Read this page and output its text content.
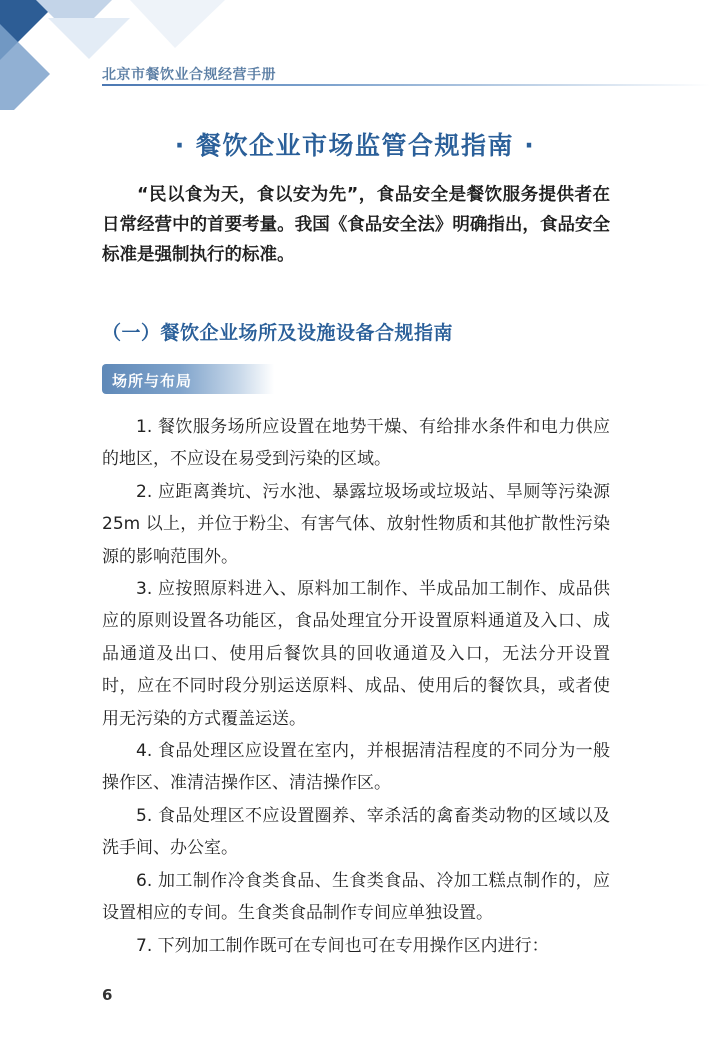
北京市餐饮业合规经营手册
· 餐饮企业市场监管合规指南 ·

“民以食为天，食以安为先”，食品安全是餐饮服务提供者在日常经营中的首要考量。我国《食品安全法》明确指出，食品安全标准是强制执行的标准。

（一）餐饮企业场所及设施设备合规指南
场所与布局

1. 餐饮服务场所应设置在地势干燥、有给排水条件和电力供应的地区，不应设在易受到污染的区域。

2. 应距离粪坑、污水池、暴露垃圾场或垃圾站、旱厕等污染源 25m 以上，并位于粉尘、有害气体、放射性物质和其他扩散性污染源的影响范围外。

3. 应按照原料进入、原料加工制作、半成品加工制作、成品供应的原则设置各功能区，食品处理宜分开设置原料通道及入口、成品通道及出口、使用后餐饮具的回收通道及入口，无法分开设置时，应在不同时段分别运送原料、成品、使用后的餐饮具，或者使用无污染的方式覆盖运送。

4. 食品处理区应设置在室内，并根据清洁程度的不同分为一般操作区、准清洁操作区、清洁操作区。

5. 食品处理区不应设置圈养、宰杀活的禽畜类动物的区域以及洗手间、办公室。

6. 加工制作冷食类食品、生食类食品、冷加工糕点制作的，应设置相应的专间。生食类食品制作专间应单独设置。

7. 下列加工制作既可在专间也可在专用操作区内进行：

6
